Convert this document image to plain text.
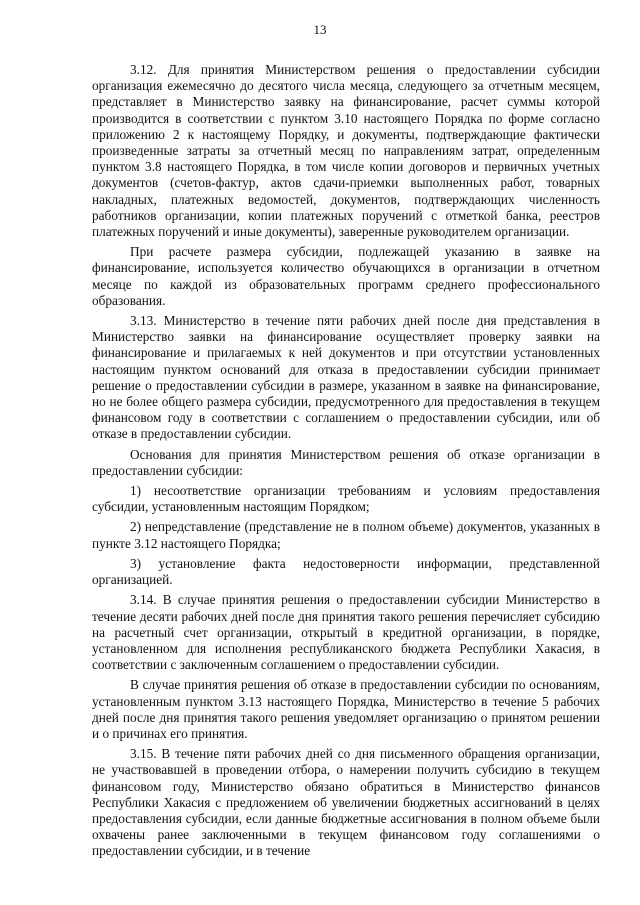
13

3.12. Для принятия Министерством решения о предоставлении субсидии организация ежемесячно до десятого числа месяца, следующего за отчетным месяцем, представляет в Министерство заявку на финансирование, расчет суммы которой производится в соответствии с пунктом 3.10 настоящего Порядка по форме согласно приложению 2 к настоящему Порядку, и документы, подтверждающие фактически произведенные затраты за отчетный месяц по направлениям затрат, определенным пунктом 3.8 настоящего Порядка, в том числе копии договоров и первичных учетных документов (счетов-фактур, актов сдачи-приемки выполненных работ, товарных накладных, платежных ведомостей, документов, подтверждающих численность работников организации, копии платежных поручений с отметкой банка, реестров платежных поручений и иные документы), заверенные руководителем организации.

При расчете размера субсидии, подлежащей указанию в заявке на финансирование, используется количество обучающихся в организации в отчетном месяце по каждой из образовательных программ среднего профессионального образования.

3.13. Министерство в течение пяти рабочих дней после дня представления в Министерство заявки на финансирование осуществляет проверку заявки на финансирование и прилагаемых к ней документов и при отсутствии установленных настоящим пунктом оснований для отказа в предоставлении субсидии принимает решение о предоставлении субсидии в размере, указанном в заявке на финансирование, но не более общего размера субсидии, предусмотренного для предоставления в текущем финансовом году в соответствии с соглашением о предоставлении субсидии, или об отказе в предоставлении субсидии.

Основания для принятия Министерством решения об отказе организации в предоставлении субсидии:

1) несоответствие организации требованиям и условиям предоставления субсидии, установленным настоящим Порядком;

2) непредставление (представление не в полном объеме) документов, указанных в пункте 3.12 настоящего Порядка;

3) установление факта недостоверности информации, представленной организацией.

3.14. В случае принятия решения о предоставлении субсидии Министерство в течение десяти рабочих дней после дня принятия такого решения перечисляет субсидию на расчетный счет организации, открытый в кредитной организации, в порядке, установленном для исполнения республиканского бюджета Республики Хакасия, в соответствии с заключенным соглашением о предоставлении субсидии.

В случае принятия решения об отказе в предоставлении субсидии по основаниям, установленным пунктом 3.13 настоящего Порядка, Министерство в течение 5 рабочих дней после дня принятия такого решения уведомляет организацию о принятом решении и о причинах его принятия.

3.15. В течение пяти рабочих дней со дня письменного обращения организации, не участвовавшей в проведении отбора, о намерении получить субсидию в текущем финансовом году, Министерство обязано обратиться в Министерство финансов Республики Хакасия с предложением об увеличении бюджетных ассигнований в целях предоставления субсидии, если данные бюджетные ассигнования в полном объеме были охвачены ранее заключенными в текущем финансовом году соглашениями о предоставлении субсидии, и в течение
